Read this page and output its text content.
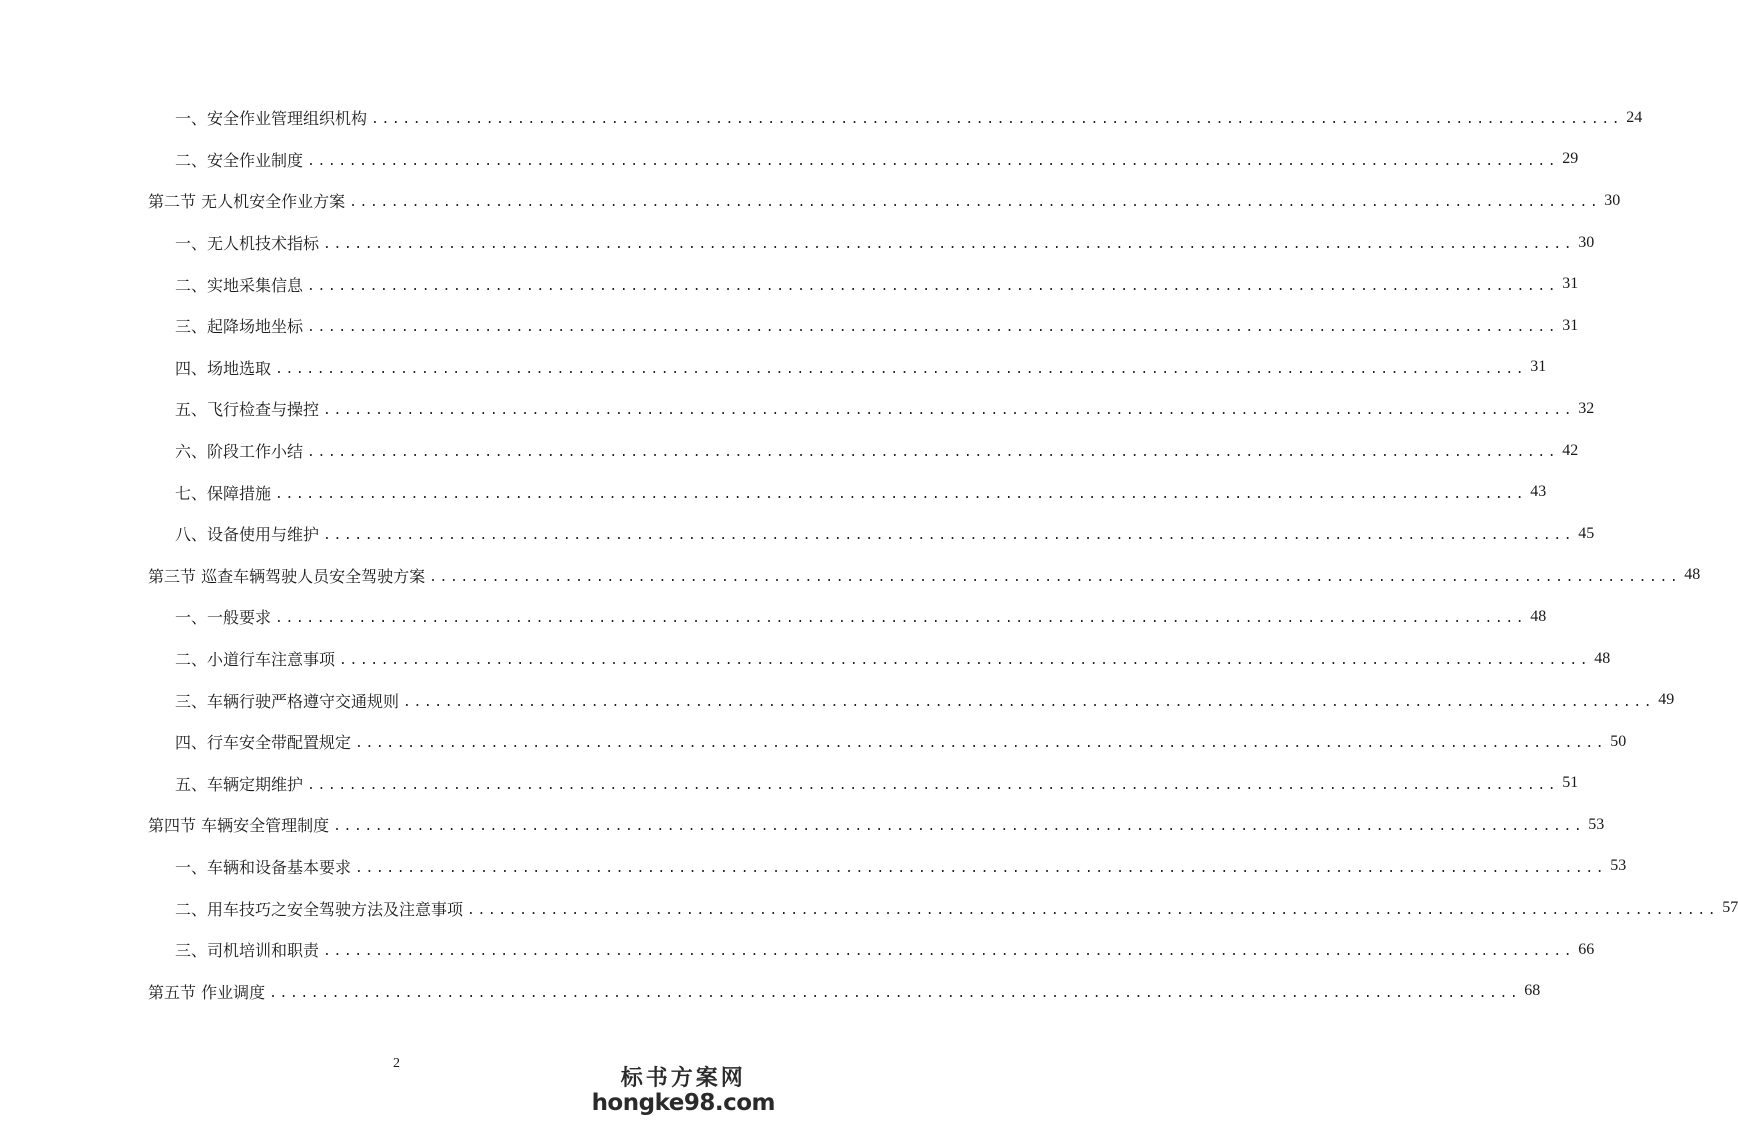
一、安全作业管理组织机构 ........................................................................................................................ 24
二、安全作业制度 ........................................................................................................................ 29
第二节 无人机安全作业方案 ........................................................................................................................ 30
一、无人机技术指标 ........................................................................................................................ 30
二、实地采集信息 ........................................................................................................................ 31
三、起降场地坐标 ........................................................................................................................ 31
四、场地选取 ........................................................................................................................ 31
五、飞行检查与操控 ........................................................................................................................ 32
六、阶段工作小结 ........................................................................................................................ 42
七、保障措施 ........................................................................................................................ 43
八、设备使用与维护 ........................................................................................................................ 45
第三节 巡查车辆驾驶人员安全驾驶方案 ........................................................................................................................ 48
一、一般要求 ........................................................................................................................ 48
二、小道行车注意事项 ........................................................................................................................ 48
三、车辆行驶严格遵守交通规则 ........................................................................................................................ 49
四、行车安全带配置规定 ........................................................................................................................ 50
五、车辆定期维护 ........................................................................................................................ 51
第四节 车辆安全管理制度 ........................................................................................................................ 53
一、车辆和设备基本要求 ........................................................................................................................ 53
二、用车技巧之安全驾驶方法及注意事项 ........................................................................................................................ 57
三、司机培训和职责 ........................................................................................................................ 66
第五节 作业调度 ........................................................................................................................ 68
2
标书方案网
hongke98.com
